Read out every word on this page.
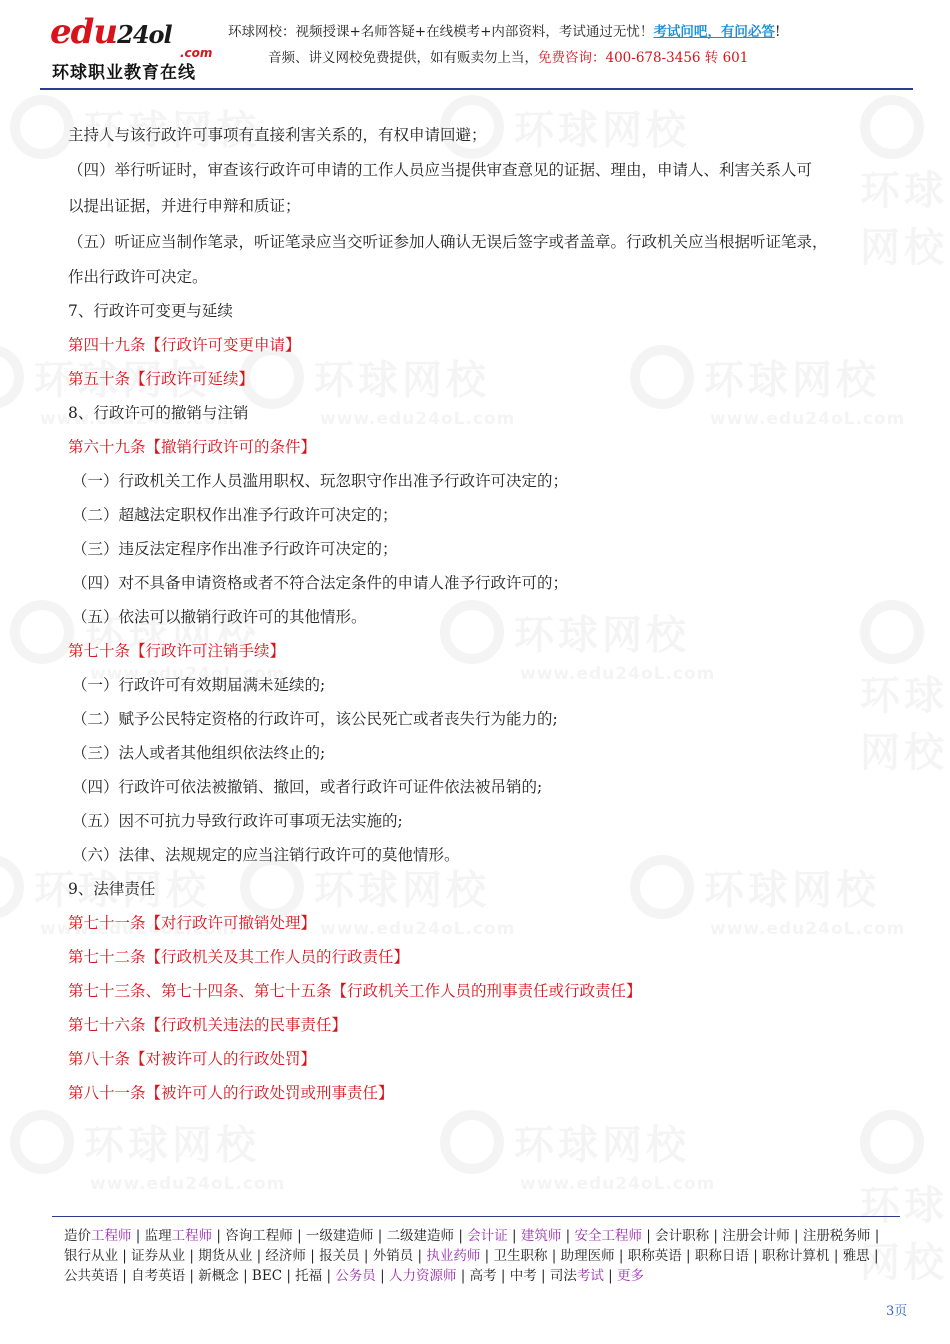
edu24ol
.com
环球职业教育在线
环球网校：视频授课+名师答疑+在线模考+内部资料，考试通过无忧！考试问吧，有问必答!
音频、讲义网校免费提供，如有贩卖勿上当，免费咨询：400-678-3456 转 601
主持人与该行政许可事项有直接利害关系的，有权申请回避；
（四）举行听证时，审查该行政许可申请的工作人员应当提供审查意见的证据、理由，申请人、利害关系人可
以提出证据，并进行申辩和质证；
（五）听证应当制作笔录，听证笔录应当交听证参加人确认无误后签字或者盖章。行政机关应当根据听证笔录，
作出行政许可决定。
7、行政许可变更与延续
第四十九条【行政许可变更申请】
第五十条【行政许可延续】
8、行政许可的撤销与注销
第六十九条【撤销行政许可的条件】
（一）行政机关工作人员滥用职权、玩忽职守作出准予行政许可决定的；
（二）超越法定职权作出准予行政许可决定的；
（三）违反法定程序作出准予行政许可决定的；
（四）对不具备申请资格或者不符合法定条件的申请人准予行政许可的；
（五）依法可以撤销行政许可的其他情形。
第七十条【行政许可注销手续】
（一）行政许可有效期届满未延续的;
（二）赋予公民特定资格的行政许可，该公民死亡或者丧失行为能力的;
（三）法人或者其他组织依法终止的;
（四）行政许可依法被撤销、撤回，或者行政许可证件依法被吊销的;
（五）因不可抗力导致行政许可事项无法实施的;
（六）法律、法规规定的应当注销行政许可的莫他情形。
9、法律责任
第七十一条【对行政许可撤销处理】
第七十二条【行政机关及其工作人员的行政责任】
第七十三条、第七十四条、第七十五条【行政机关工作人员的刑事责任或行政责任】
第七十六条【行政机关违法的民事责任】
第八十条【对被许可人的行政处罚】
第八十一条【被许可人的行政处罚或刑事责任】
造价工程师 | 监理工程师 | 咨询工程师 | 一级建造师 | 二级建造师 | 会计证 | 建筑师 | 安全工程师 | 会计职称 | 注册会计师 | 注册税务师 | 银行从业 | 证券从业 | 期货从业 | 经济师 | 报关员 | 外销员 | 执业药师 | 卫生职称 | 助理医师 | 职称英语 | 职称日语 | 职称计算机 | 雅思 | 公共英语 | 自考英语 | 新概念 | BEC | 托福 | 公务员 | 人力资源师 | 高考 | 中考 | 司法考试 | 更多
3页
